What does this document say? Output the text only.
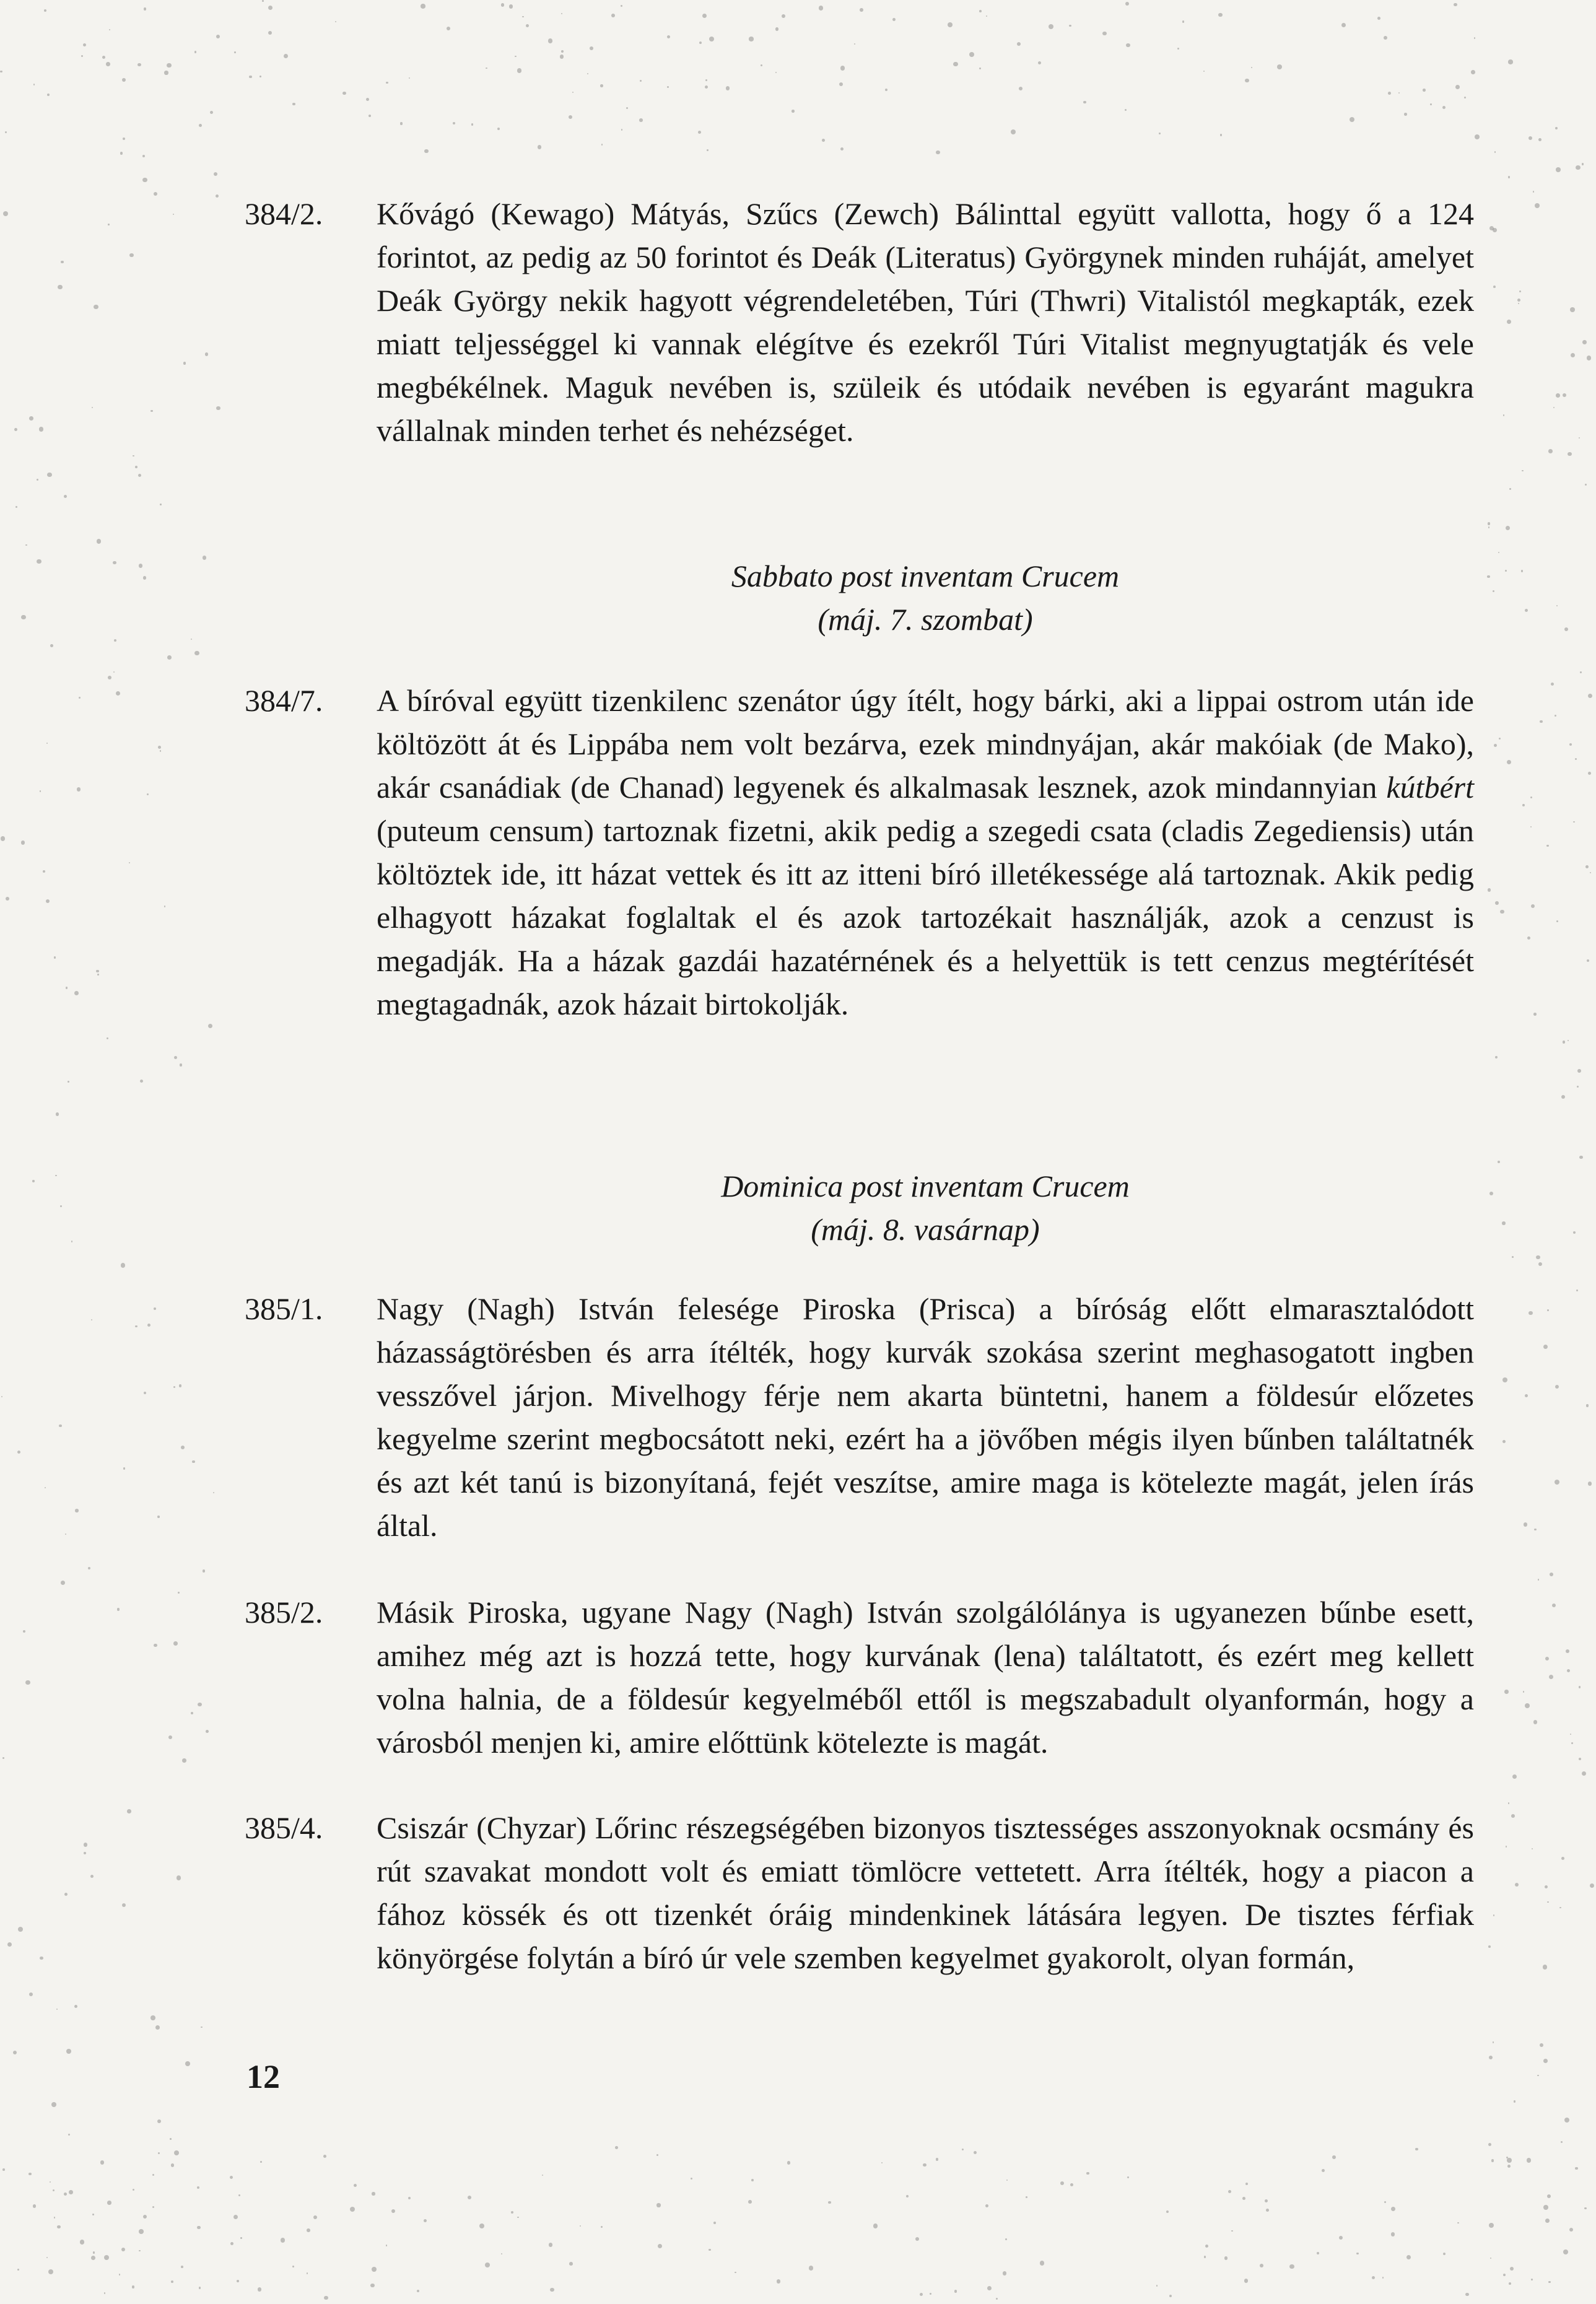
384/2.	Kővágó (Kewago) Mátyás, Szűcs (Zewch) Bálinttal együtt vallotta, hogy ő a 124 forintot, az pedig az 50 forintot és Deák (Literatus) Györgynek minden ruháját, amelyet Deák György nekik hagyott végrendeletében, Túri (Thwri) Vitalistól megkapták, ezek miatt teljességgel ki vannak elégítve és ezekről Túri Vitalist megnyugtatják és vele megbékélnek. Maguk nevében is, szüleik és utódaik nevében is egyaránt magukra vállalnak minden terhet és nehézséget.
Sabbato post inventam Crucem
(máj. 7. szombat)
384/7.	A bíróval együtt tizenkilenc szenátor úgy ítélt, hogy bárki, aki a lippai ostrom után ide költözött át és Lippába nem volt bezárva, ezek mindnyájan, akár makóiak (de Mako), akár csanádiak (de Chanad) legyenek és alkalmasak lesznek, azok mindannyian kútbért (puteum censum) tartoznak fizetni, akik pedig a szegedi csata (cladis Zegediensis) után költöztek ide, itt házat vettek és itt az itteni bíró illetékessége alá tartoznak. Akik pedig elhagyott házakat foglaltak el és azok tartozékait használják, azok a cenzust is megadják. Ha a házak gazdái hazatérnének és a helyettük is tett cenzus megtérítését megtagadnák, azok házait birtokolják.
Dominica post inventam Crucem
(máj. 8. vasárnap)
385/1.	Nagy (Nagh) István felesége Piroska (Prisca) a bíróság előtt elmarasztalódott házasságtörésben és arra ítélték, hogy kurvák szokása szerint meghasogatott ingben vesszővel járjon. Mivelhogy férje nem akarta büntetni, hanem a földesúr előzetes kegyelme szerint megbocsátott neki, ezért ha a jövőben mégis ilyen bűnben találtatnék és azt két tanú is bizonyítaná, fejét veszítse, amire maga is kötelezte magát, jelen írás által.
385/2.	Másik Piroska, ugyane Nagy (Nagh) István szolgálólánya is ugyanezen bűnbe esett, amihez még azt is hozzá tette, hogy kurvának (lena) találtatott, és ezért meg kellett volna halnia, de a földesúr kegyelméből ettől is megszabadult olyanformán, hogy a városból menjen ki, amire előttünk kötelezte is magát.
385/4.	Csiszár (Chyzar) Lőrinc részegségében bizonyos tisztességes asszonyoknak ocsmány és rút szavakat mondott volt és emiatt tömlöcre vettetett. Arra ítélték, hogy a piacon a fához kössék és ott tizenkét óráig mindenkinek látására legyen. De tisztes férfiak könyörgése folytán a bíró úr vele szemben kegyelmet gyakorolt, olyan formán,
12
